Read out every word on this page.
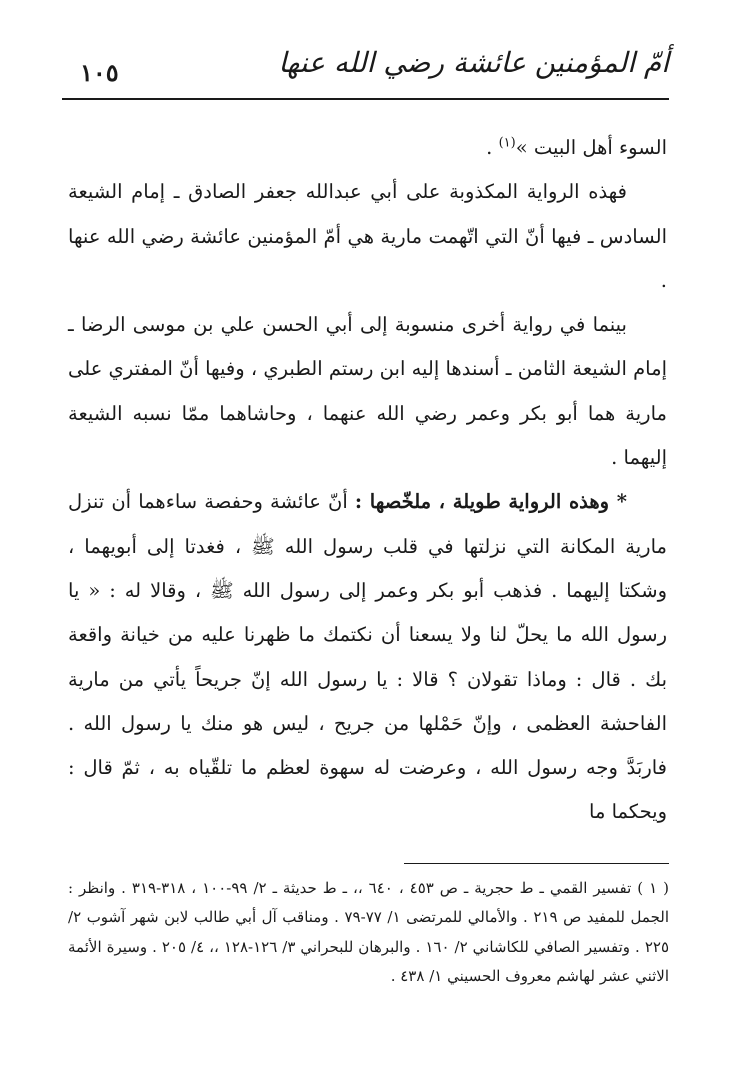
أمّ المؤمنين عائشة رضي الله عنها
١٠٥

السوء أهل البيت »$^{(١)}$ .

فهذه الرواية المكذوبة على أبي عبدالله جعفر الصادق ـ إمام الشيعة السادس ـ فيها أنّ التي اتّهمت مارية هي أمّ المؤمنين عائشة رضي الله عنها .

بينما في رواية أخرى منسوبة إلى أبي الحسن علي بن موسى الرضا ـ إمام الشيعة الثامن ـ أسندها إليه ابن رستم الطبري ، وفيها أنّ المفتري على مارية هما أبو بكر وعمر رضي الله عنهما ، وحاشاهما ممّا نسبه الشيعة إليهما .

* وهذه الرواية طويلة ، ملخّصها : أنّ عائشة وحفصة ساءهما أن تنزل مارية المكانة التي نزلتها في قلب رسول الله ﷺ ، فغدتا إلى أبويهما ، وشكتا إليهما . فذهب أبو بكر وعمر إلى رسول الله ﷺ ، وقالا له : « يا رسول الله ما يحلّ لنا ولا يسعنا أن نكتمك ما ظهرنا عليه من خيانة واقعة بك . قال : وماذا تقولان ؟ قالا : يا رسول الله إنّ جريحاً يأتي من مارية الفاحشة العظمى ، وإنّ حَمْلها من جريح ، ليس هو منك يا رسول الله . فاربَدَّ وجه رسول الله ، وعرضت له سهوة لعظم ما تلقّياه به ، ثمّ قال : ويحكما ما

( ١ ) تفسير القمي ـ ط حجرية ـ ص ٤٥٣ ، ٦٤٠ ،، ـ ط حديثة ـ ٢/ ٩٩-١٠٠ ، ٣١٨-٣١٩ . وانظر : الجمل للمفيد ص ٢١٩ . والأمالي للمرتضى ١/ ٧٧-٧٩ . ومناقب آل أبي طالب لابن شهر آشوب ٢/ ٢٢٥ . وتفسير الصافي للكاشاني ٢/ ١٦٠ . والبرهان للبحراني ٣/ ١٢٦-١٢٨ ،، ٤/ ٢٠٥ . وسيرة الأئمة الاثني عشر لهاشم معروف الحسيني ١/ ٤٣٨ .
